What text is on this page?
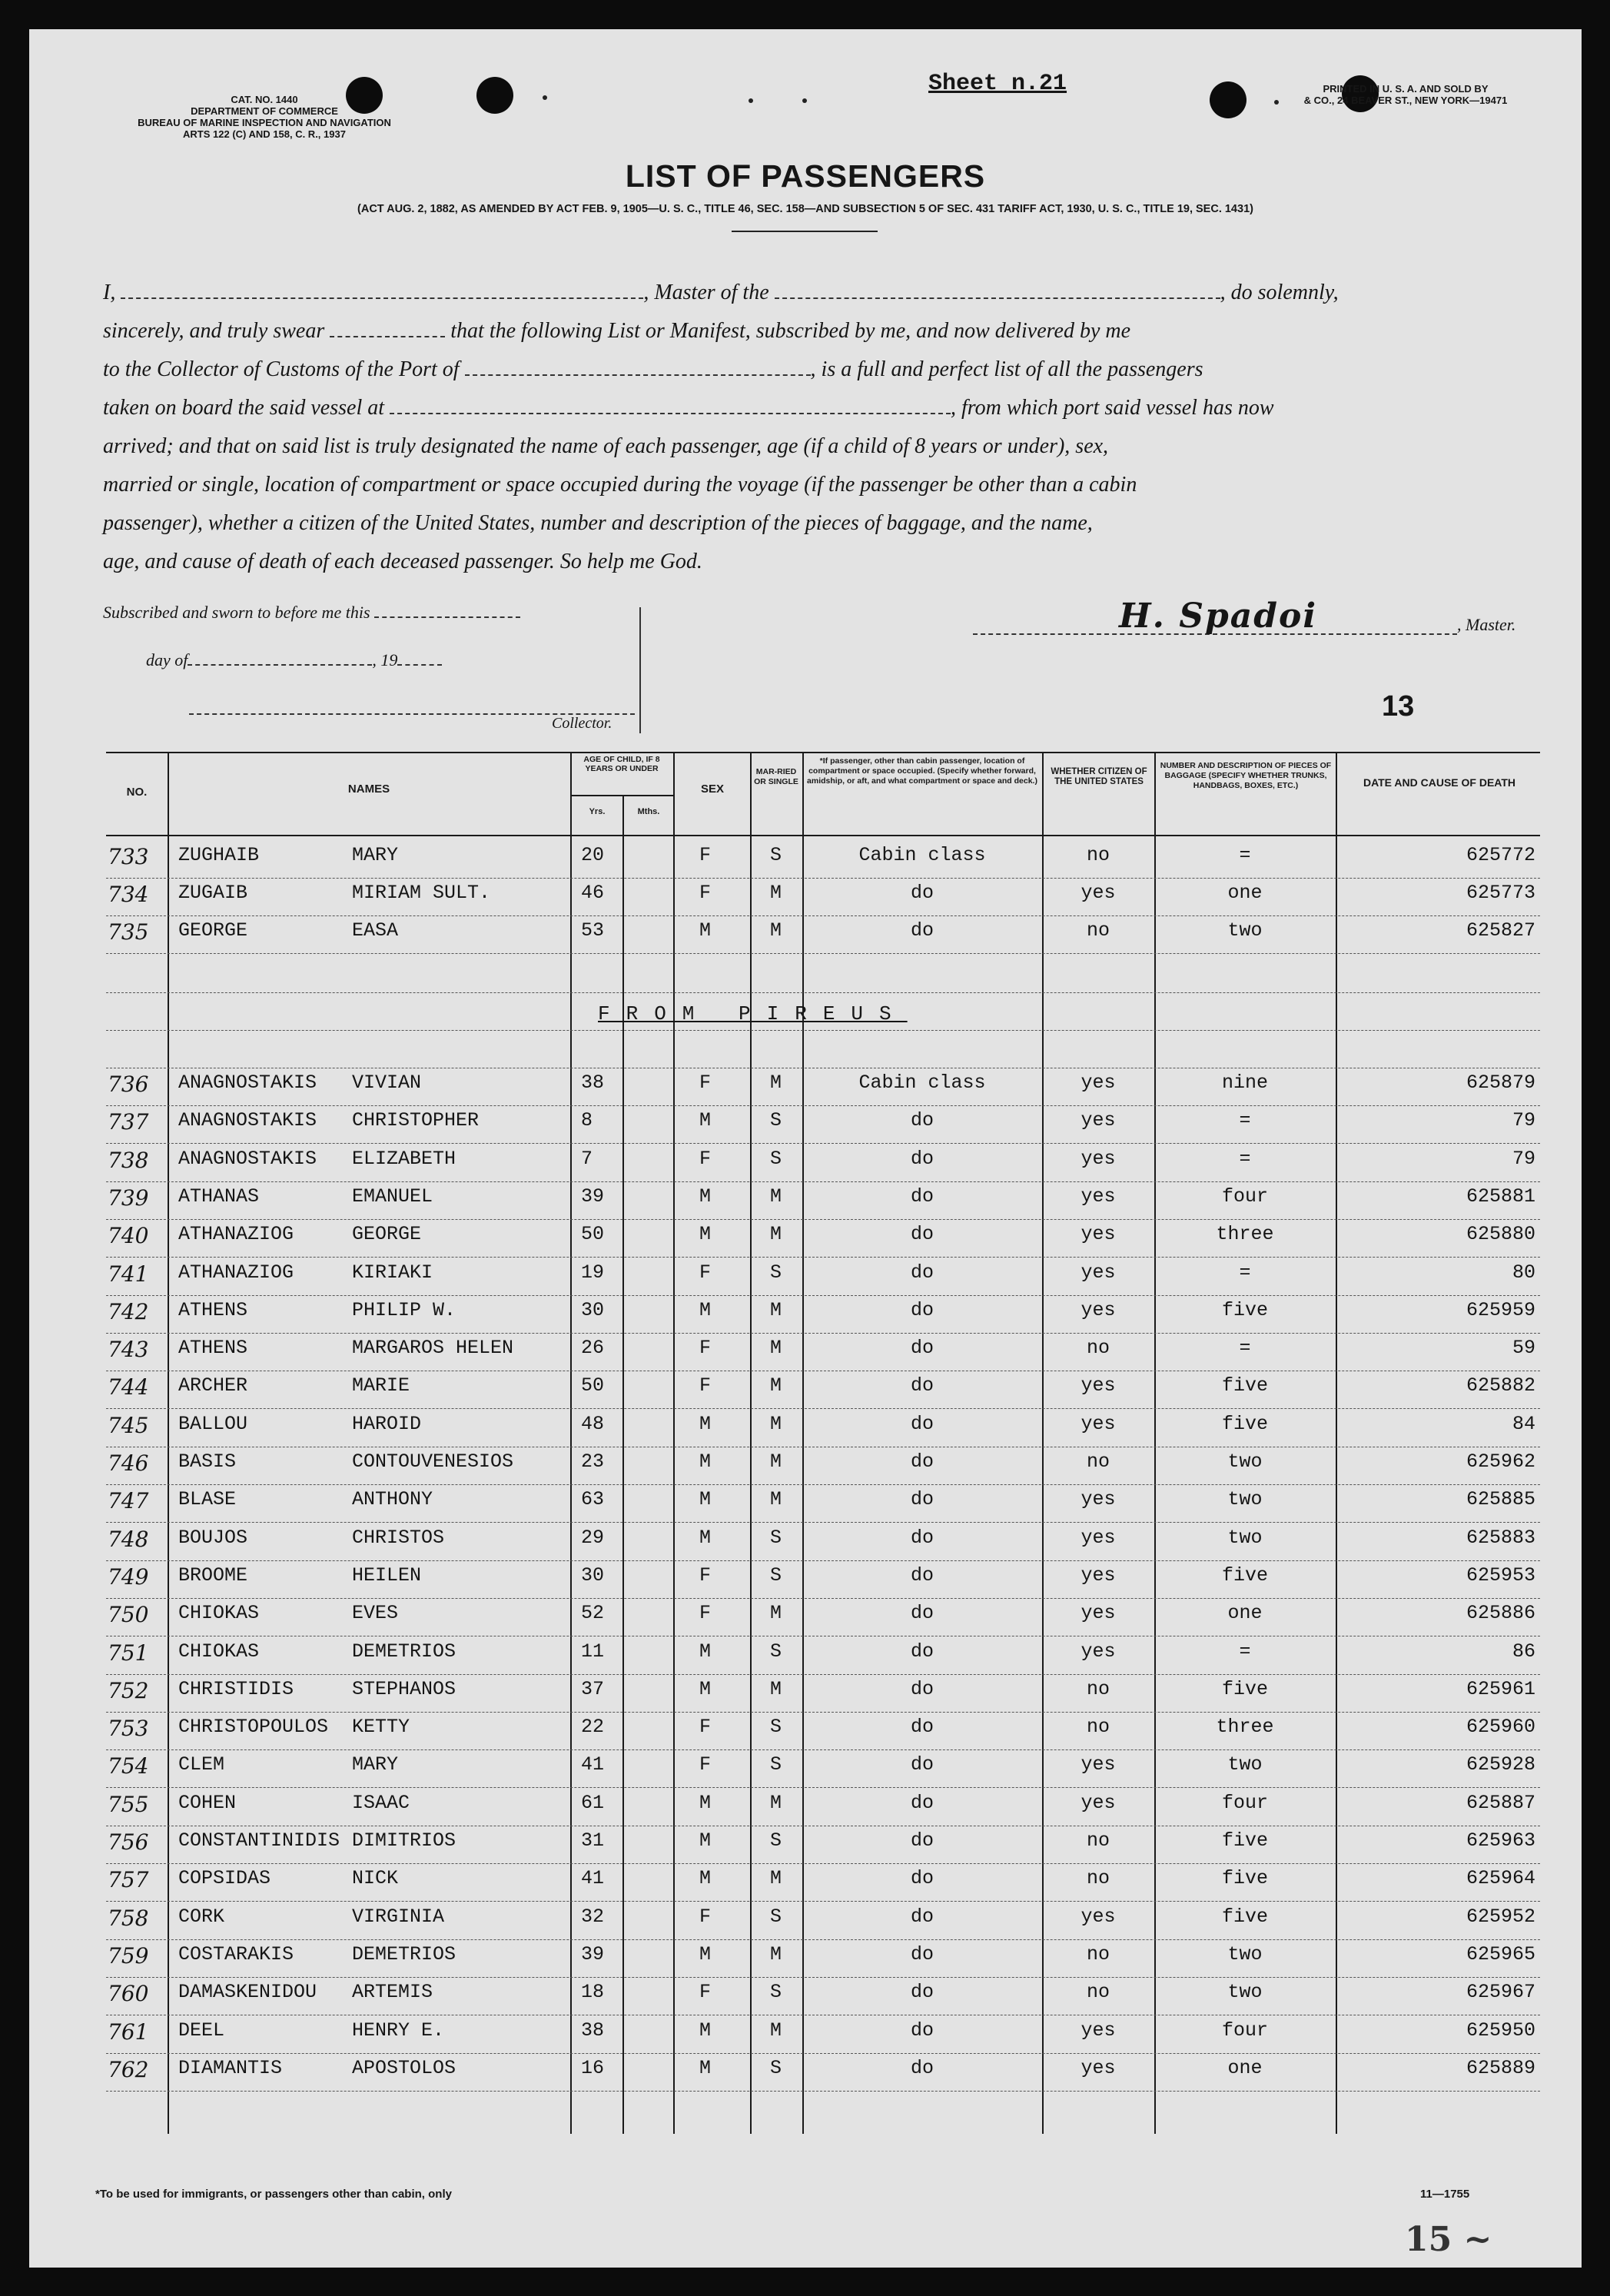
CAT. NO. 1440
DEPARTMENT OF COMMERCE
BUREAU OF MARINE INSPECTION AND NAVIGATION
ARTS 122 (C) AND 158, C. R., 1937
Sheet n.21	PRINTED IN U. S. A. AND SOLD BY
& CO., 24 BEAVER ST., NEW YORK—19471
LIST OF PASSENGERS
(ACT AUG. 2, 1882, AS AMENDED BY ACT FEB. 9, 1905—U. S. C., TITLE 46, SEC. 158—AND SUBSECTION 5 OF SEC. 431 TARIFF ACT, 1930, U. S. C., TITLE 19, SEC. 1431)
I,	, Master of the	, do solemnly,
sincerely, and truly swear	that the following List or Manifest, subscribed by me, and now delivered by me
to the Collector of Customs of the Port of	, is a full and perfect list of all the passengers
taken on board the said vessel at	, from which port said vessel has now
arrived; and that on said list is truly designated the name of each passenger, age (if a child of 8 years or under), sex,
married or single, location of compartment or space occupied during the voyage (if the passenger be other than a cabin
passenger), whether a citizen of the United States, number and description of the pieces of baggage, and the name,
age, and cause of death of each deceased passenger. So help me God.
Subscribed and sworn to before me this
day of	, 19
Collector.
H. Spadoi	, Master.
13
NO.	NAMES
AGE OF CHILD, IF 8 YEARS OR UNDER
Yrs.	Mths.
SEX
MAR-RIED OR SINGLE
*If passenger, other than cabin passenger, location of compartment or space occupied. (Specify whether forward, amidship, or aft, and what compartment or space and deck.)
WHETHER CITIZEN OF THE UNITED STATES
NUMBER AND DESCRIPTION OF PIECES OF BAGGAGE (SPECIFY WHETHER TRUNKS, HANDBAGS, BOXES, ETC.)	DATE AND CAUSE OF DEATH
733 ZUGHAIB	MARY	20	F	S	Cabin class	no	=	625772
734 ZUGAIB	MIRIAM SULT.	46	F	M	do	yes	one	625773
735 GEORGE	EASA	53	M	M	do	no	two	625827
736 ANAGNOSTAKIS VIVIAN	38	F	M	Cabin class	yes	nine	625879
737 ANAGNOSTAKIS CHRISTOPHER	8	M	S	do	yes	=	79
738 ANAGNOSTAKIS ELIZABETH	7	F	S	do	yes	=	79
739 ATHANAS	EMANUEL	39	M	M	do	yes	four	625881
740 ATHANAZIOG	GEORGE	50	M	M	do	yes	three	625880
741 ATHANAZIOG	KIRIAKI	19	F	S	do	yes	=	80
742 ATHENS	PHILIP W.	30	M	M	do	yes	five	625959
743 ATHENS	MARGAROS HELEN	26	F	M	do	no	=	59
744 ARCHER	MARIE	50	F	M	do	yes	five	625882
745 BALLOU	HAROID	48	M	M	do	yes	five	84
746 BASIS	CONTOUVENESIOS	23	M	M	do	no	two	625962
747 BLASE	ANTHONY	63	M	M	do	yes	two	625885
748 BOUJOS	CHRISTOS	29	M	S	do	yes	two	625883
749 BROOME	HEILEN	30	F	S	do	yes	five	625953
750 CHIOKAS	EVES	52	F	M	do	yes	one	625886
751 CHIOKAS	DEMETRIOS	11	M	S	do	yes	=	86
752 CHRISTIDIS	STEPHANOS	37	M	M	do	no	five	625961
753 CHRISTOPOULOS KETTY	22	F	S	do	no	three	625960
754 CLEM	MARY	41	F	S	do	yes	two	625928
755 COHEN	ISAAC	61	M	M	do	yes	four	625887
756 CONSTANTINIDIS DIMITRIOS	31	M	S	do	no	five	625963
757 COPSIDAS	NICK	41	M	M	do	no	five	625964
758 CORK	VIRGINIA	32	F	S	do	yes	five	625952
759 COSTARAKIS	DEMETRIOS	39	M	M	do	no	two	625965
760 DAMASKENIDOU ARTEMIS	18	F	S	do	no	two	625967
761 DEEL	HENRY E.	38	M	M	do	yes	four	625950
762 DIAMANTIS	APOSTOLOS	16	M	S	do	yes	one	625889
FROM PIREUS
*To be used for immigrants, or passengers other than cabin, only	11—1755
15 ~
